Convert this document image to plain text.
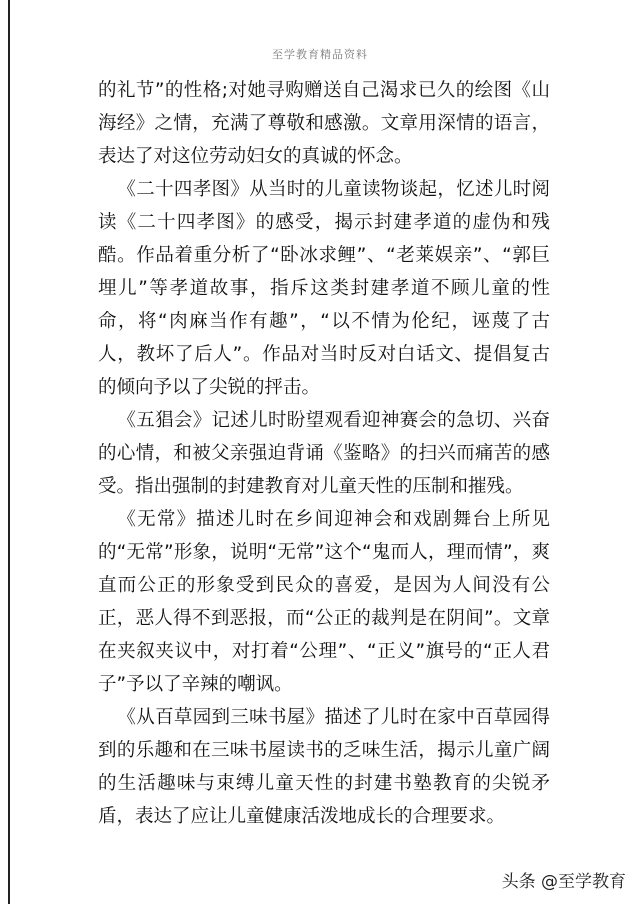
至学教育精品资料

的礼节”的性格;对她寻购赠送自己渴求已久的绘图《山海经》之情，充满了尊敬和感激。文章用深情的语言，表达了对这位劳动妇女的真诚的怀念。

《二十四孝图》从当时的儿童读物谈起，忆述儿时阅读《二十四孝图》的感受，揭示封建孝道的虚伪和残酷。作品着重分析了“卧冰求鲤”、“老莱娱亲”、“郭巨埋儿”等孝道故事，指斥这类封建孝道不顾儿童的性命，将“肉麻当作有趣”，“以不情为伦纪，诬蔑了古人，教坏了后人”。作品对当时反对白话文、提倡复古的倾向予以了尖锐的抨击。

《五猖会》记述儿时盼望观看迎神赛会的急切、兴奋的心情，和被父亲强迫背诵《鉴略》的扫兴而痛苦的感受。指出强制的封建教育对儿童天性的压制和摧残。

《无常》描述儿时在乡间迎神会和戏剧舞台上所见的“无常”形象，说明“无常”这个“鬼而人，理而情”，爽直而公正的形象受到民众的喜爱，是因为人间没有公正，恶人得不到恶报，而“公正的裁判是在阴间”。文章在夹叙夹议中，对打着“公理”、“正义”旗号的“正人君子”予以了辛辣的嘲讽。

《从百草园到三味书屋》描述了儿时在家中百草园得到的乐趣和在三味书屋读书的乏味生活，揭示儿童广阔的生活趣味与束缚儿童天性的封建书塾教育的尖锐矛盾，表达了应让儿童健康活泼地成长的合理要求。

头条 @至学教育
